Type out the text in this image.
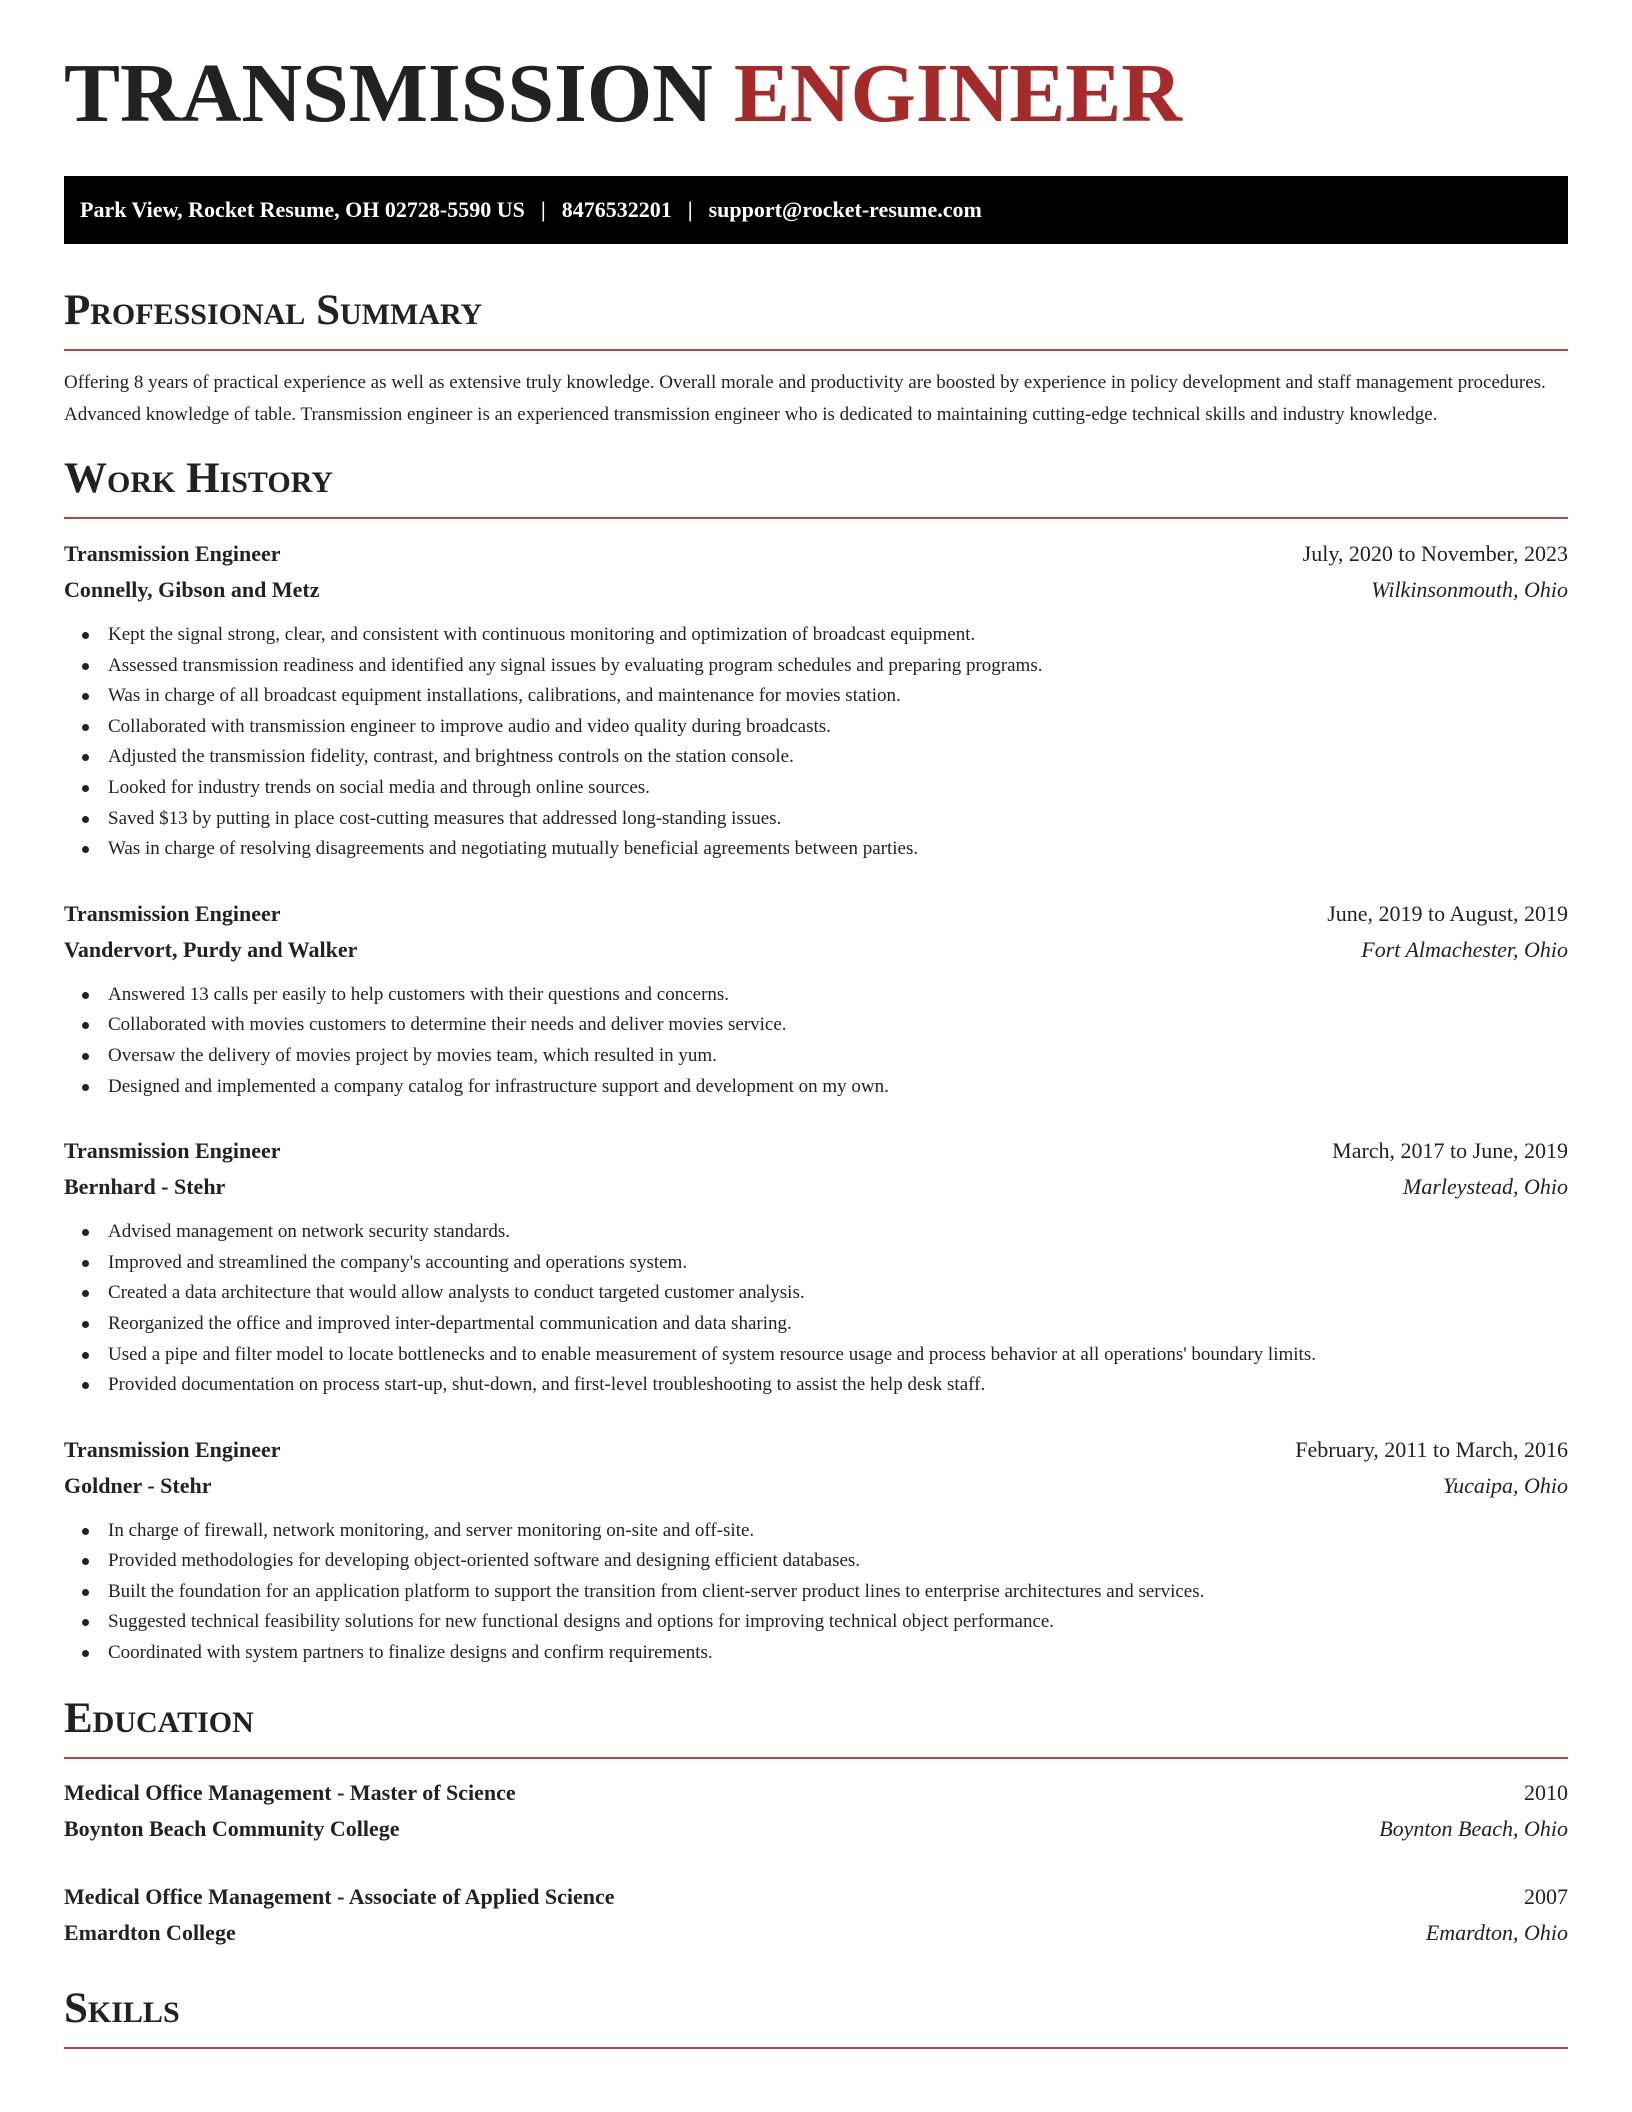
TRANSMISSION ENGINEER
Park View, Rocket Resume, OH 02728-5590 US | 8476532201 | support@rocket-resume.com
Professional Summary
Offering 8 years of practical experience as well as extensive truly knowledge. Overall morale and productivity are boosted by experience in policy development and staff management procedures. Advanced knowledge of table. Transmission engineer is an experienced transmission engineer who is dedicated to maintaining cutting-edge technical skills and industry knowledge.
Work History
Transmission Engineer	July, 2020 to November, 2023
Connelly, Gibson and Metz	Wilkinsonmouth, Ohio
Kept the signal strong, clear, and consistent with continuous monitoring and optimization of broadcast equipment.
Assessed transmission readiness and identified any signal issues by evaluating program schedules and preparing programs.
Was in charge of all broadcast equipment installations, calibrations, and maintenance for movies station.
Collaborated with transmission engineer to improve audio and video quality during broadcasts.
Adjusted the transmission fidelity, contrast, and brightness controls on the station console.
Looked for industry trends on social media and through online sources.
Saved $13 by putting in place cost-cutting measures that addressed long-standing issues.
Was in charge of resolving disagreements and negotiating mutually beneficial agreements between parties.
Transmission Engineer	June, 2019 to August, 2019
Vandervort, Purdy and Walker	Fort Almachester, Ohio
Answered 13 calls per easily to help customers with their questions and concerns.
Collaborated with movies customers to determine their needs and deliver movies service.
Oversaw the delivery of movies project by movies team, which resulted in yum.
Designed and implemented a company catalog for infrastructure support and development on my own.
Transmission Engineer	March, 2017 to June, 2019
Bernhard - Stehr	Marleystead, Ohio
Advised management on network security standards.
Improved and streamlined the company's accounting and operations system.
Created a data architecture that would allow analysts to conduct targeted customer analysis.
Reorganized the office and improved inter-departmental communication and data sharing.
Used a pipe and filter model to locate bottlenecks and to enable measurement of system resource usage and process behavior at all operations' boundary limits.
Provided documentation on process start-up, shut-down, and first-level troubleshooting to assist the help desk staff.
Transmission Engineer	February, 2011 to March, 2016
Goldner - Stehr	Yucaipa, Ohio
In charge of firewall, network monitoring, and server monitoring on-site and off-site.
Provided methodologies for developing object-oriented software and designing efficient databases.
Built the foundation for an application platform to support the transition from client-server product lines to enterprise architectures and services.
Suggested technical feasibility solutions for new functional designs and options for improving technical object performance.
Coordinated with system partners to finalize designs and confirm requirements.
Education
Medical Office Management - Master of Science	2010
Boynton Beach Community College	Boynton Beach, Ohio
Medical Office Management - Associate of Applied Science	2007
Emardton College	Emardton, Ohio
Skills
